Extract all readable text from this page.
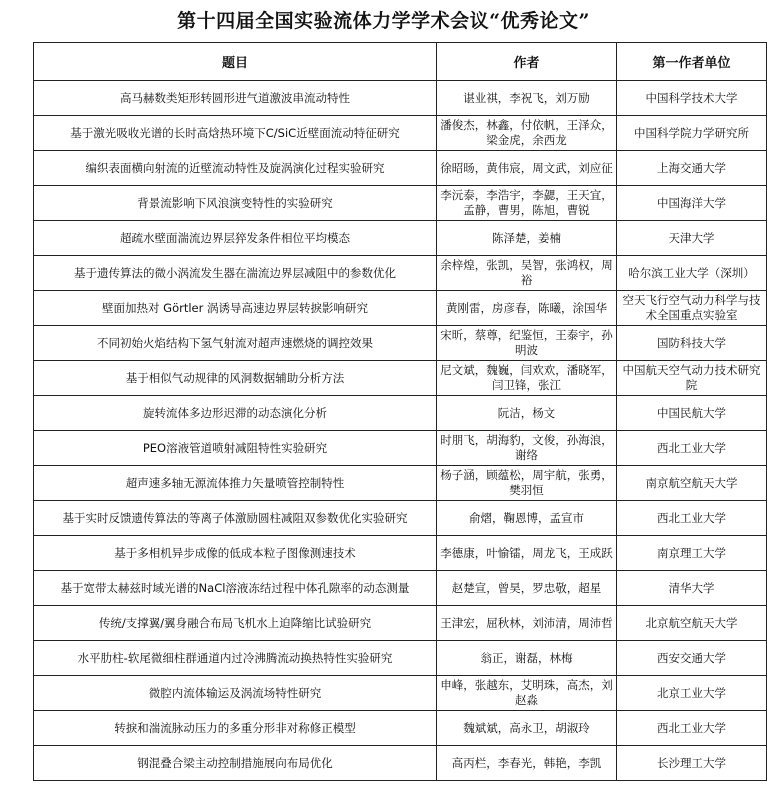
第十四届全国实验流体力学学术会议“优秀论文”
题目	作者	第一作者单位
高马赫数类矩形转圆形进气道激波串流动特性	谌业祺，李祝飞，刘万励	中国科学技术大学
基于激光吸收光谱的长时高焓热环境下C/SiC近壁面流动特征研究	潘俊杰，林鑫，付依帆，王泽众，梁金虎，余西龙	中国科学院力学研究所
编织表面横向射流的近壁流动特性及旋涡演化过程实验研究	徐昭旸，黄伟宸，周文武，刘应征	上海交通大学
背景流影响下风浪演变特性的实验研究	李沅泰，李浩宇，李勰，王天宜，孟静，曹男，陈旭，曹锐	中国海洋大学
超疏水壁面湍流边界层猝发条件相位平均模态	陈泽楚，姜楠	天津大学
基于遗传算法的微小涡流发生器在湍流边界层减阻中的参数优化	余梓煌，张凯，吴智，张鸿权，周裕	哈尔滨工业大学（深圳）
壁面加热对 Görtler 涡诱导高速边界层转捩影响研究	黄刚雷，房彦春，陈曦，涂国华	空天飞行空气动力科学与技术全国重点实验室
不同初始火焰结构下氢气射流对超声速燃烧的调控效果	宋昕，蔡尊，纪鉴恒，王泰宇，孙明波	国防科技大学
基于相似气动规律的风洞数据辅助分析方法	尼文斌，魏巍，闫欢欢，潘晓军，闫卫锋，张江	中国航天空气动力技术研究院
旋转流体多边形迟滞的动态演化分析	阮洁，杨文	中国民航大学
PEO溶液管道喷射减阻特性实验研究	时朋飞，胡海豹，文俊，孙海浪，谢络	西北工业大学
超声速多轴无源流体推力矢量喷管控制特性	杨子涵，顾蕴松，周宇航，张勇，樊羽恒	南京航空航天大学
基于实时反馈遗传算法的等离子体激励圆柱减阻双参数优化实验研究	俞熠，鞠恩博，孟宣市	西北工业大学
基于多相机异步成像的低成本粒子图像测速技术	李德康，叶愉镭，周龙飞，王成跃	南京理工大学
基于宽带太赫兹时域光谱的NaCl溶液冻结过程中体孔隙率的动态测量	赵楚宣，曾昊，罗忠敬，超星	清华大学
传统/支撑翼/翼身融合布局飞机水上迫降缩比试验研究	王津宏，屈秋林，刘沛清，周沛哲	北京航空航天大学
水平肋柱-软尾微细柱群通道内过冷沸腾流动换热特性实验研究	翁正，谢磊，林梅	西安交通大学
微腔内流体输运及涡流场特性研究	申峰，张越东，艾明珠，高杰，刘赵淼	北京工业大学
转捩和湍流脉动压力的多重分形非对称修正模型	魏斌斌，高永卫，胡淑玲	西北工业大学
钢混叠合梁主动控制措施展向布局优化	高丙栏，李春光，韩艳，李凯	长沙理工大学
